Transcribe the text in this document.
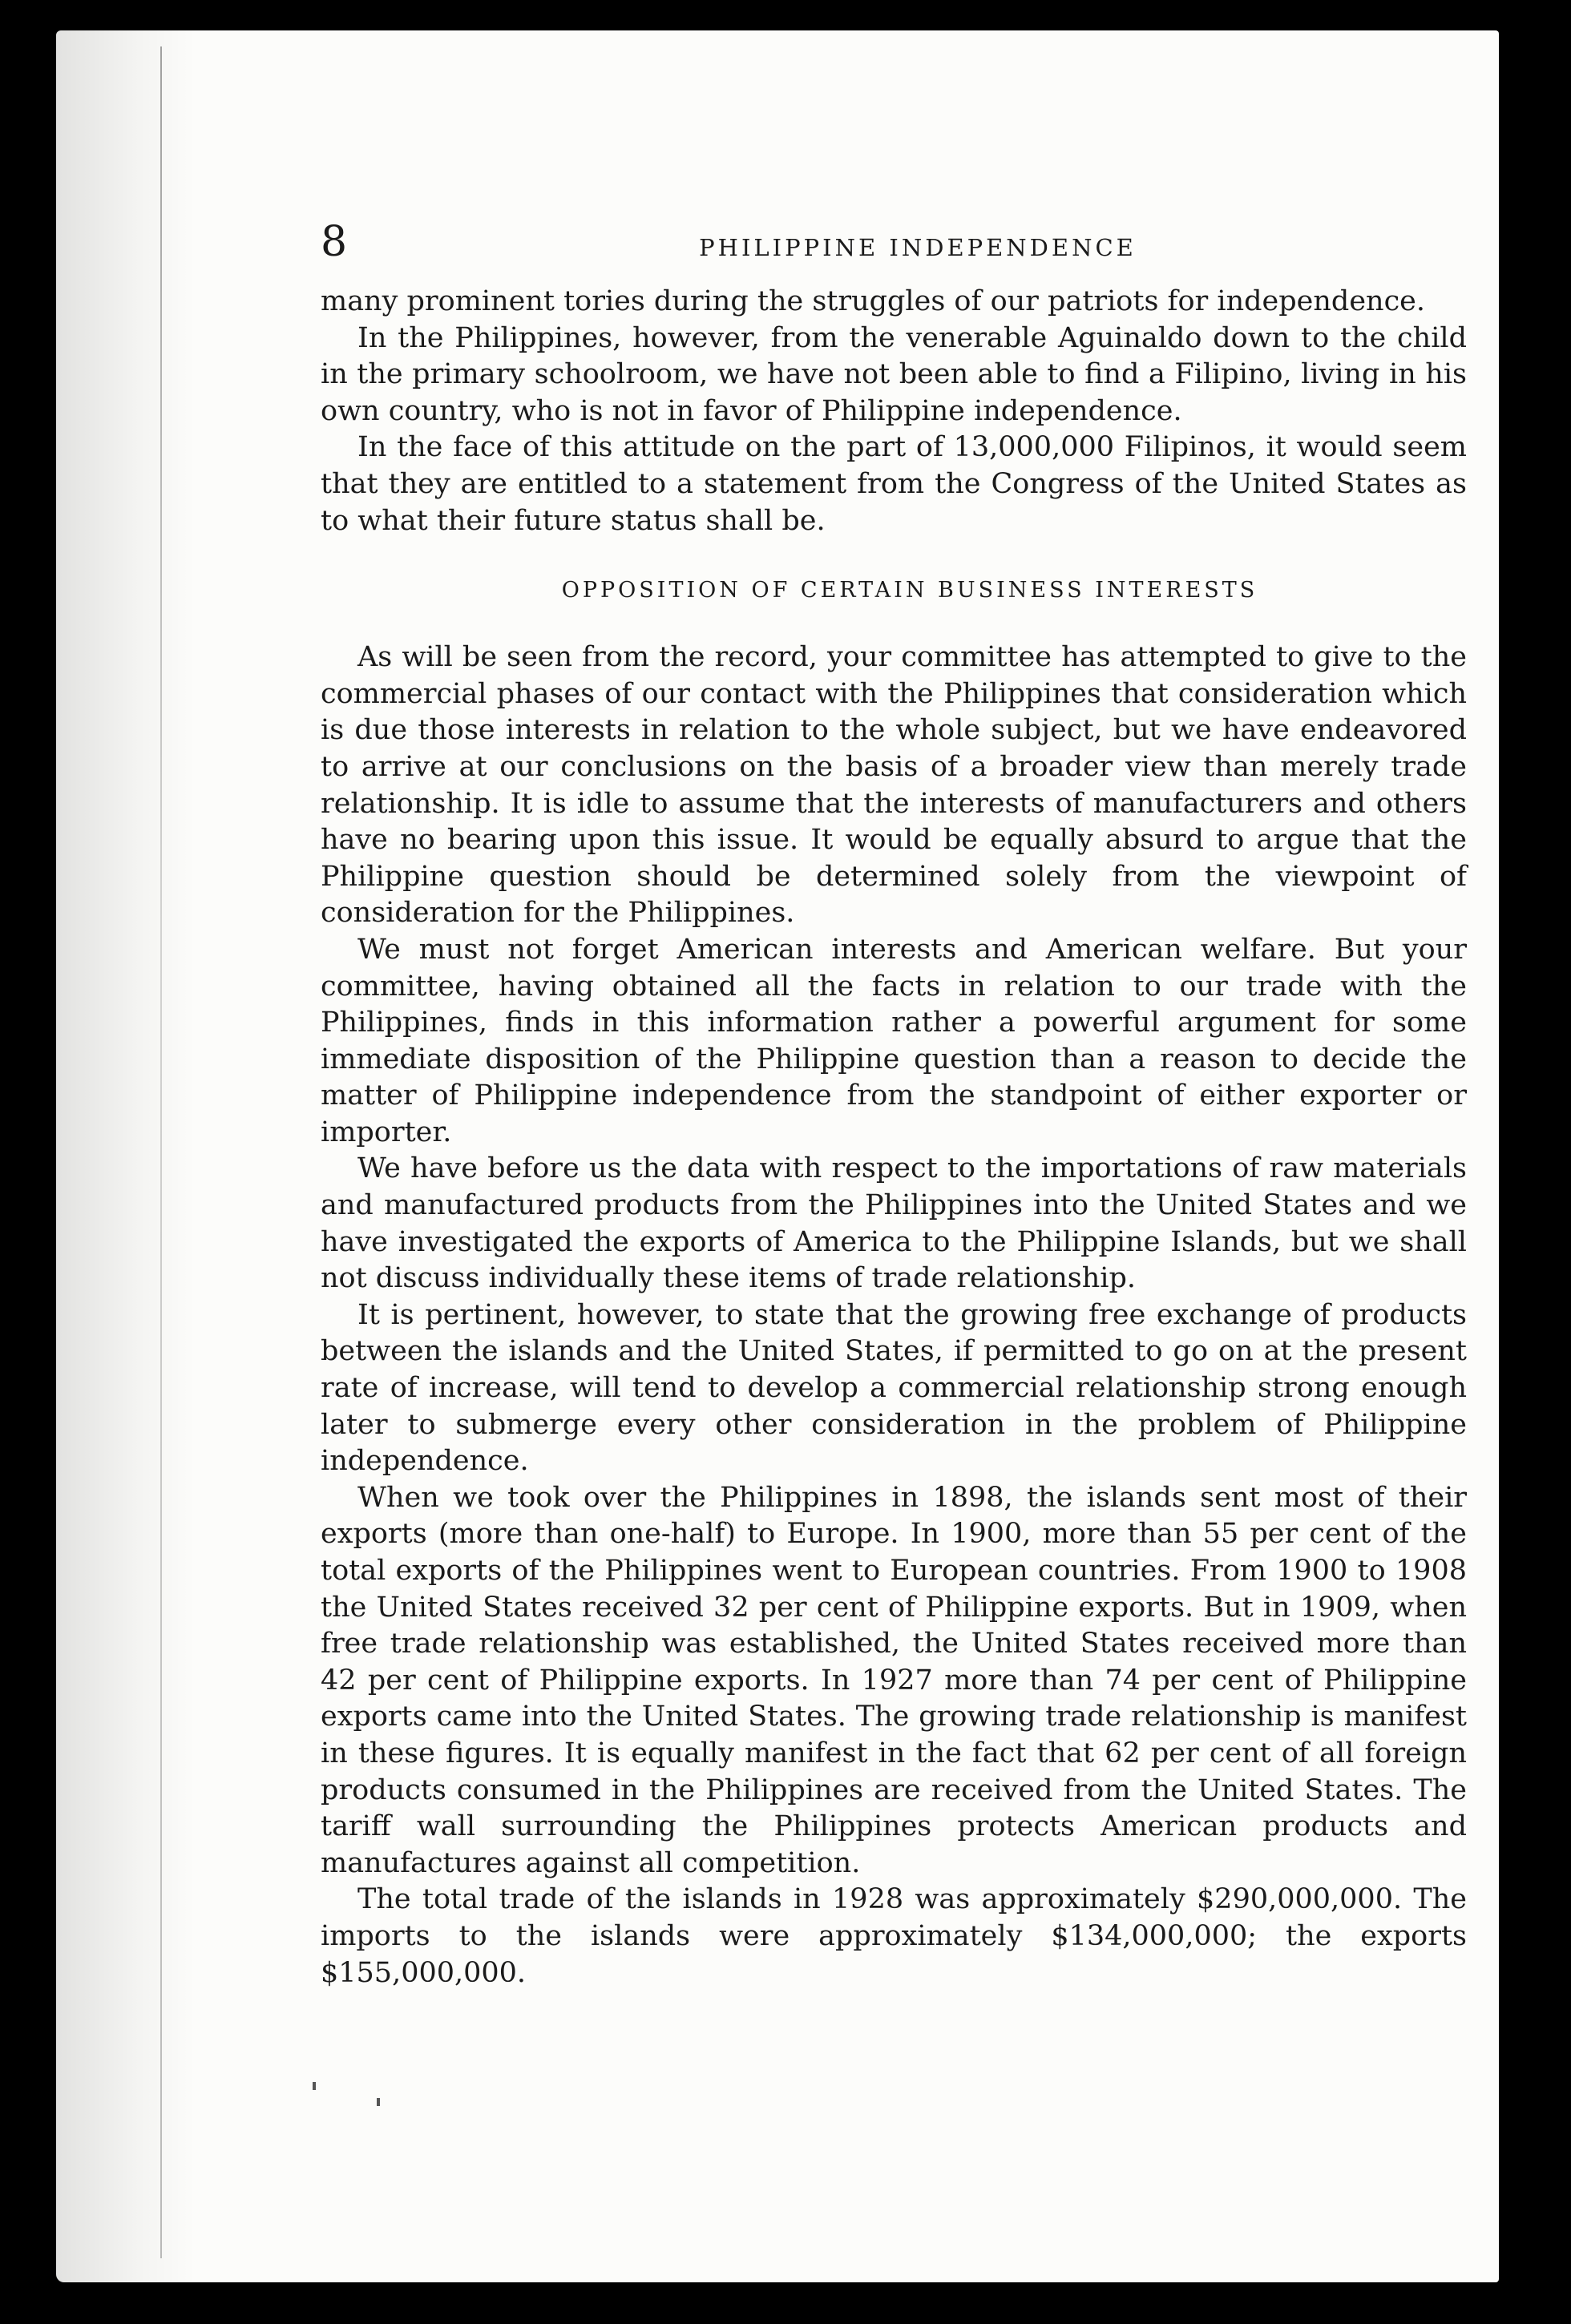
8	PHILIPPINE INDEPENDENCE

many prominent tories during the struggles of our patriots for independence.

In the Philippines, however, from the venerable Aguinaldo down to the child in the primary schoolroom, we have not been able to find a Filipino, living in his own country, who is not in favor of Philippine independence.

In the face of this attitude on the part of 13,000,000 Filipinos, it would seem that they are entitled to a statement from the Congress of the United States as to what their future status shall be.

OPPOSITION OF CERTAIN BUSINESS INTERESTS

As will be seen from the record, your committee has attempted to give to the commercial phases of our contact with the Philippines that consideration which is due those interests in relation to the whole subject, but we have endeavored to arrive at our conclusions on the basis of a broader view than merely trade relationship. It is idle to assume that the interests of manufacturers and others have no bearing upon this issue. It would be equally absurd to argue that the Philippine question should be determined solely from the viewpoint of consideration for the Philippines.

We must not forget American interests and American welfare. But your committee, having obtained all the facts in relation to our trade with the Philippines, finds in this information rather a powerful argument for some immediate disposition of the Philippine question than a reason to decide the matter of Philippine independence from the standpoint of either exporter or importer.

We have before us the data with respect to the importations of raw materials and manufactured products from the Philippines into the United States and we have investigated the exports of America to the Philippine Islands, but we shall not discuss individually these items of trade relationship.

It is pertinent, however, to state that the growing free exchange of products between the islands and the United States, if permitted to go on at the present rate of increase, will tend to develop a commercial relationship strong enough later to submerge every other consideration in the problem of Philippine independence.

When we took over the Philippines in 1898, the islands sent most of their exports (more than one-half) to Europe. In 1900, more than 55 per cent of the total exports of the Philippines went to European countries. From 1900 to 1908 the United States received 32 per cent of Philippine exports. But in 1909, when free trade relationship was established, the United States received more than 42 per cent of Philippine exports. In 1927 more than 74 per cent of Philippine exports came into the United States. The growing trade relationship is manifest in these figures. It is equally manifest in the fact that 62 per cent of all foreign products consumed in the Philippines are received from the United States. The tariff wall surrounding the Philippines protects American products and manufactures against all competition.

The total trade of the islands in 1928 was approximately $290,000,000. The imports to the islands were approximately $134,000,000; the exports $155,000,000.
